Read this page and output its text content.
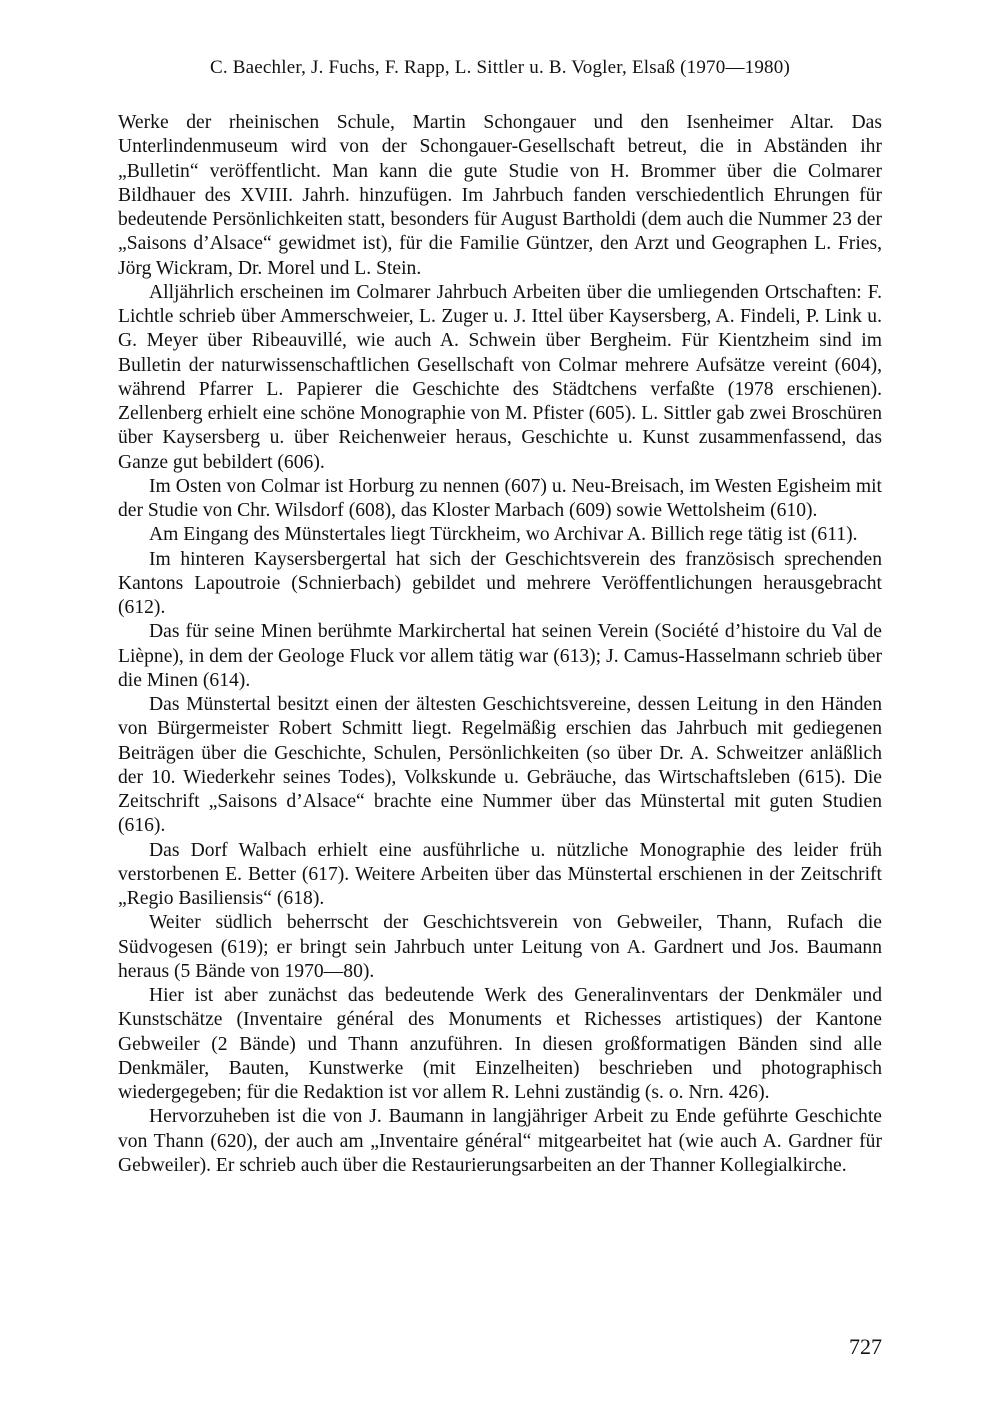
C. Baechler, J. Fuchs, F. Rapp, L. Sittler u. B. Vogler, Elsaß (1970—1980)

Werke der rheinischen Schule, Martin Schongauer und den Isenheimer Altar. Das Unterlindenmuseum wird von der Schongauer-Gesellschaft betreut, die in Abständen ihr „Bulletin“ veröffentlicht. Man kann die gute Studie von H. Brommer über die Colmarer Bildhauer des XVIII. Jahrh. hinzufügen. Im Jahrbuch fanden verschiedentlich Ehrungen für bedeutende Persönlichkeiten statt, besonders für August Bartholdi (dem auch die Nummer 23 der „Saisons d’Alsace“ gewidmet ist), für die Familie Güntzer, den Arzt und Geographen L. Fries, Jörg Wickram, Dr. Morel und L. Stein.

Alljährlich erscheinen im Colmarer Jahrbuch Arbeiten über die umliegenden Ortschaften: F. Lichtle schrieb über Ammerschweier, L. Zuger u. J. Ittel über Kaysersberg, A. Findeli, P. Link u. G. Meyer über Ribeauvillé, wie auch A. Schwein über Bergheim. Für Kientzheim sind im Bulletin der naturwissenschaftlichen Gesellschaft von Colmar mehrere Aufsätze vereint (604), während Pfarrer L. Papierer die Geschichte des Städtchens verfaßte (1978 erschienen). Zellenberg erhielt eine schöne Monographie von M. Pfister (605). L. Sittler gab zwei Broschüren über Kaysersberg u. über Reichenweier heraus, Geschichte u. Kunst zusammenfassend, das Ganze gut bebildert (606).

Im Osten von Colmar ist Horburg zu nennen (607) u. Neu-Breisach, im Westen Egisheim mit der Studie von Chr. Wilsdorf (608), das Kloster Marbach (609) sowie Wettolsheim (610).

Am Eingang des Münstertales liegt Türckheim, wo Archivar A. Billich rege tätig ist (611).

Im hinteren Kaysersbergertal hat sich der Geschichtsverein des französisch sprechenden Kantons Lapoutroie (Schnierbach) gebildet und mehrere Veröffentlichungen herausgebracht (612).

Das für seine Minen berühmte Markirchertal hat seinen Verein (Société d’histoire du Val de Lièpne), in dem der Geologe Fluck vor allem tätig war (613); J. Camus-Hasselmann schrieb über die Minen (614).

Das Münstertal besitzt einen der ältesten Geschichtsvereine, dessen Leitung in den Händen von Bürgermeister Robert Schmitt liegt. Regelmäßig erschien das Jahrbuch mit gediegenen Beiträgen über die Geschichte, Schulen, Persönlichkeiten (so über Dr. A. Schweitzer anläßlich der 10. Wiederkehr seines Todes), Volkskunde u. Gebräuche, das Wirtschaftsleben (615). Die Zeitschrift „Saisons d’Alsace“ brachte eine Nummer über das Münstertal mit guten Studien (616).

Das Dorf Walbach erhielt eine ausführliche u. nützliche Monographie des leider früh verstorbenen E. Better (617). Weitere Arbeiten über das Münstertal erschienen in der Zeitschrift „Regio Basiliensis“ (618).

Weiter südlich beherrscht der Geschichtsverein von Gebweiler, Thann, Rufach die Südvogesen (619); er bringt sein Jahrbuch unter Leitung von A. Gardnert und Jos. Baumann heraus (5 Bände von 1970—80).

Hier ist aber zunächst das bedeutende Werk des Generalinventars der Denkmäler und Kunstschätze (Inventaire général des Monuments et Richesses artistiques) der Kantone Gebweiler (2 Bände) und Thann anzuführen. In diesen großformatigen Bänden sind alle Denkmäler, Bauten, Kunstwerke (mit Einzelheiten) beschrieben und photographisch wiedergegeben; für die Redaktion ist vor allem R. Lehni zuständig (s. o. Nrn. 426).

Hervorzuheben ist die von J. Baumann in langjähriger Arbeit zu Ende geführte Geschichte von Thann (620), der auch am „Inventaire général“ mitgearbeitet hat (wie auch A. Gardner für Gebweiler). Er schrieb auch über die Restaurierungsarbeiten an der Thanner Kollegialkirche.

727
